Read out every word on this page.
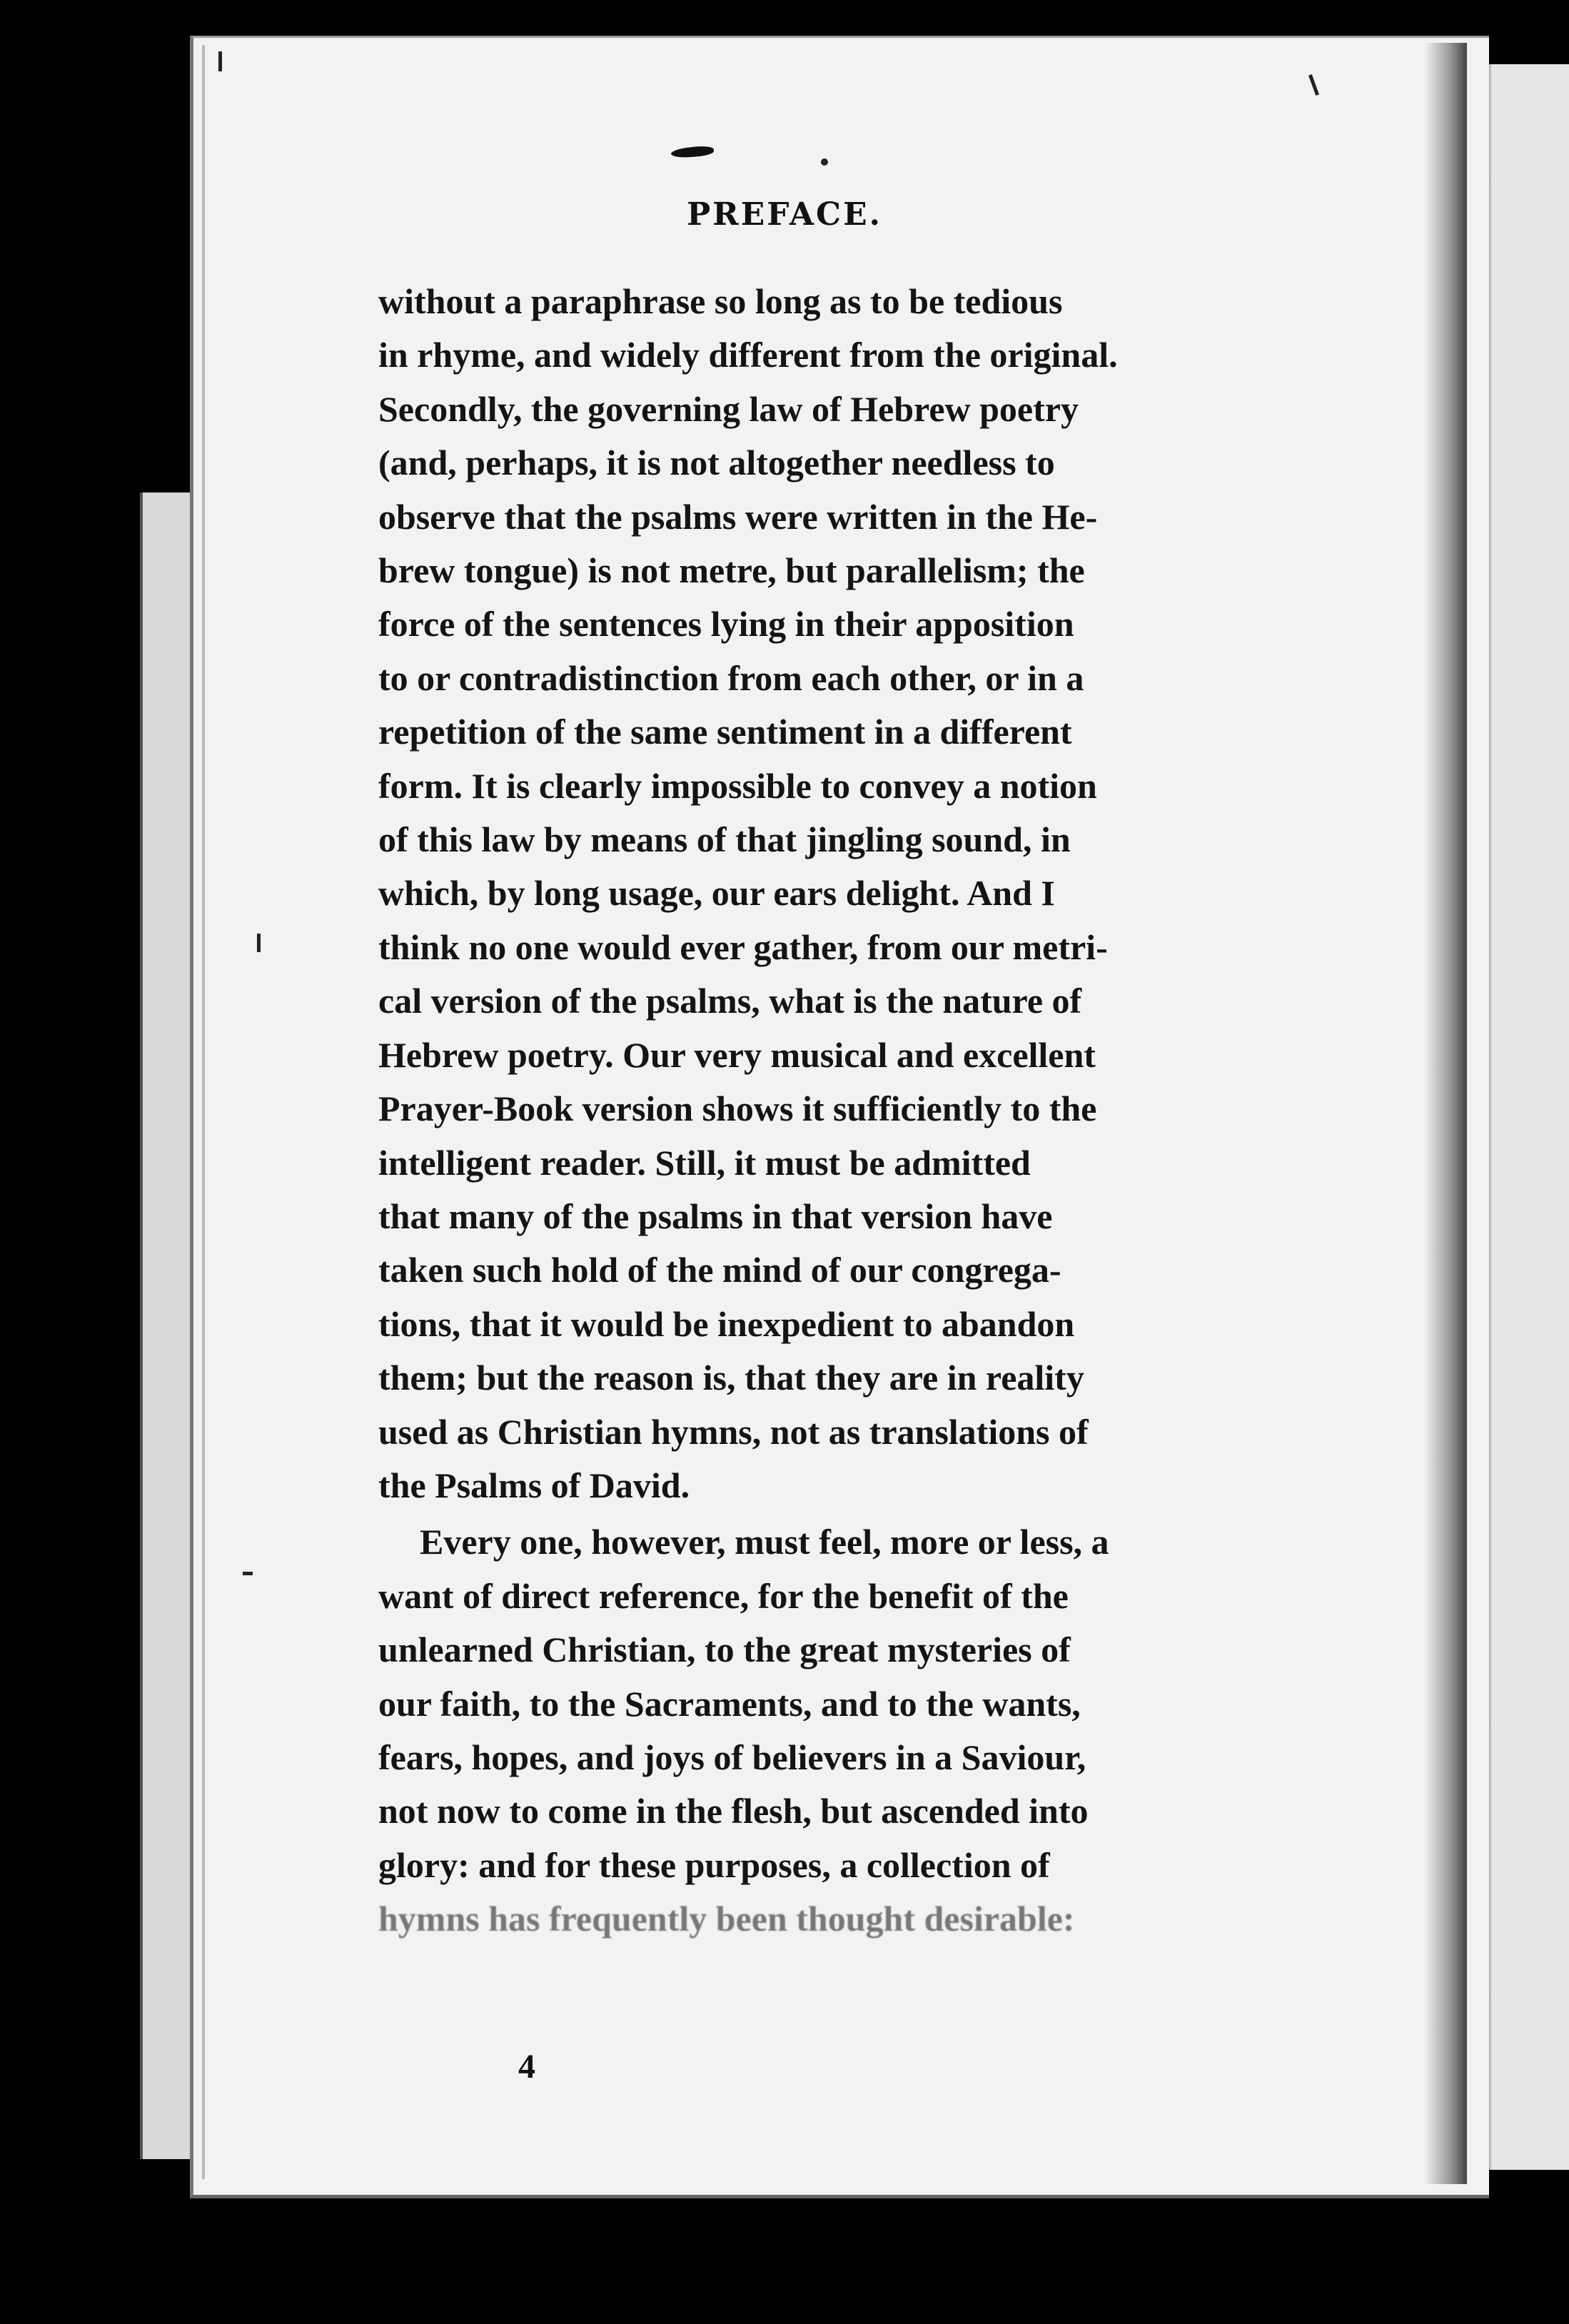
PREFACE.

without a paraphrase so long as to be tedious

in rhyme, and widely different from the original.

Secondly, the governing law of Hebrew poetry

(and, perhaps, it is not altogether needless to

observe that the psalms were written in the He-

brew tongue) is not metre, but parallelism; the

force of the sentences lying in their apposition

to or contradistinction from each other, or in a

repetition of the same sentiment in a different

form. It is clearly impossible to convey a notion

of this law by means of that jingling sound, in

which, by long usage, our ears delight. And I

think no one would ever gather, from our metri-

cal version of the psalms, what is the nature of

Hebrew poetry. Our very musical and excellent

Prayer-Book version shows it sufficiently to the

intelligent reader. Still, it must be admitted

that many of the psalms in that version have

taken such hold of the mind of our congrega-

tions, that it would be inexpedient to abandon

them; but the reason is, that they are in reality

used as Christian hymns, not as translations of

the Psalms of David.

Every one, however, must feel, more or less, a

want of direct reference, for the benefit of the

unlearned Christian, to the great mysteries of

our faith, to the Sacraments, and to the wants,

fears, hopes, and joys of believers in a Saviour,

not now to come in the flesh, but ascended into

glory: and for these purposes, a collection of

hymns has frequently been thought desirable:

4
